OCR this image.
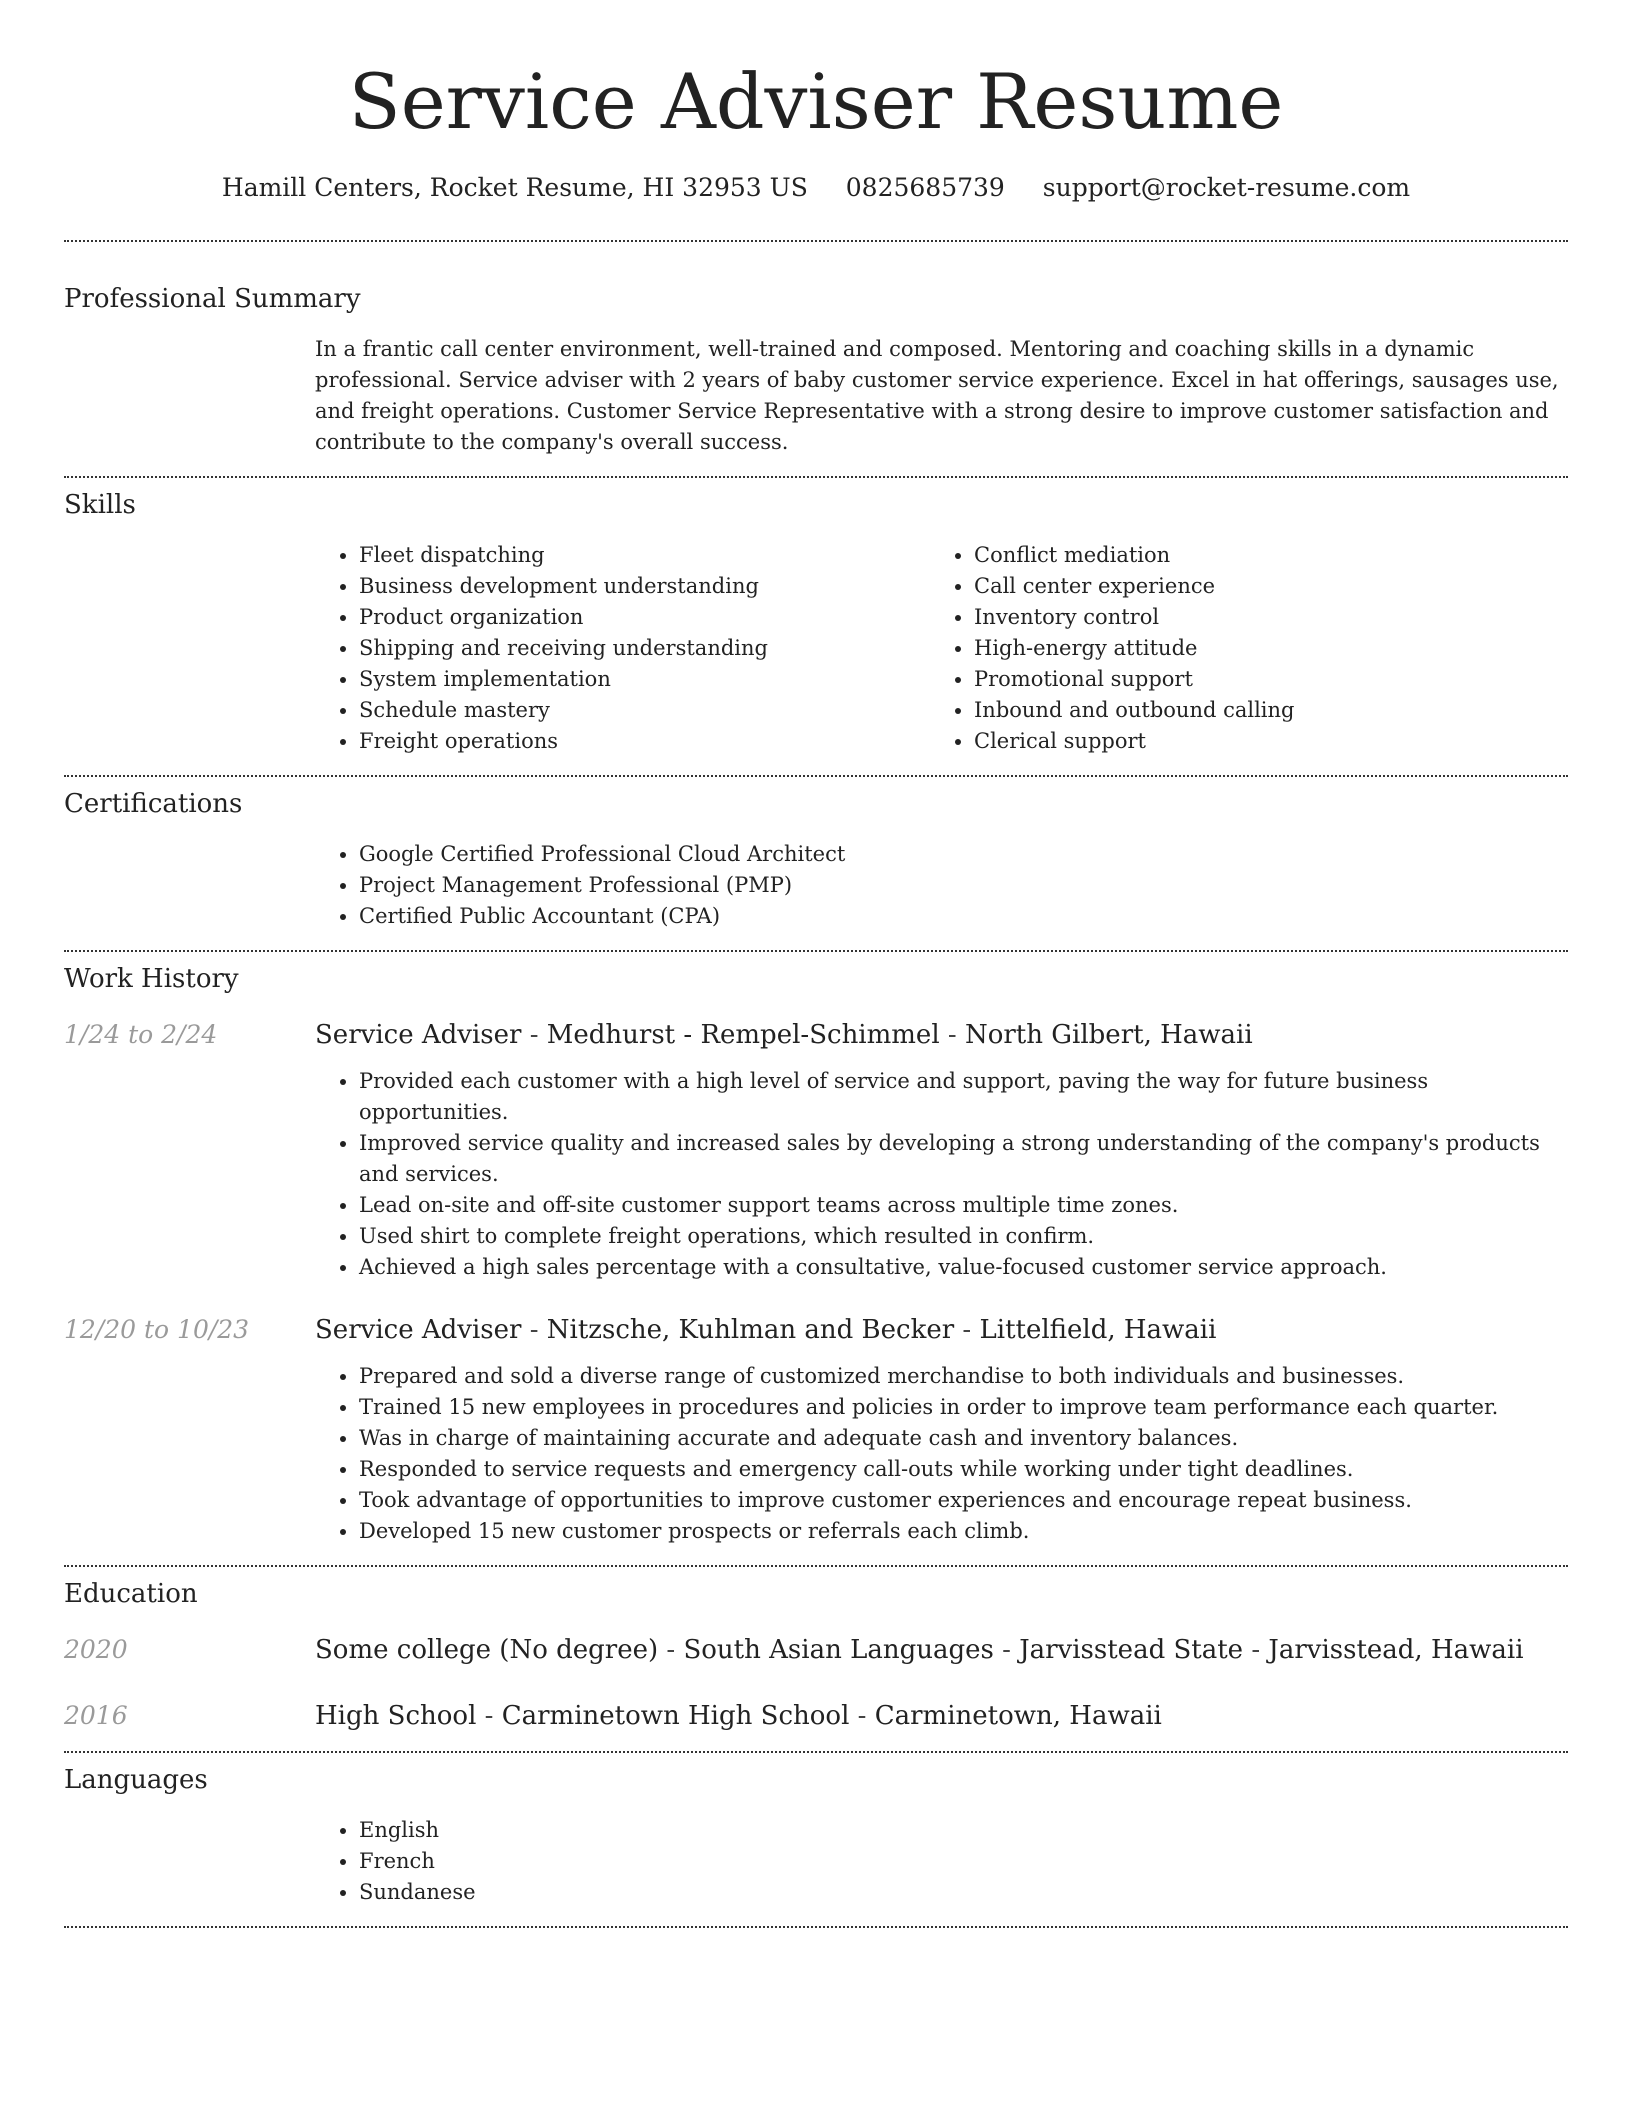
Service Adviser Resume
Hamill Centers, Rocket Resume, HI 32953 US 0825685739 support@rocket-resume.com
Professional Summary

In a frantic call center environment, well-trained and composed. Mentoring and coaching skills in a dynamic professional. Service adviser with 2 years of baby customer service experience. Excel in hat offerings, sausages use, and freight operations. Customer Service Representative with a strong desire to improve customer satisfaction and contribute to the company's overall success.

Skills
• Fleet dispatching
• Business development understanding
• Product organization
• Shipping and receiving understanding
• System implementation
• Schedule mastery
• Freight operations
• Conflict mediation
• Call center experience
• Inventory control
• High-energy attitude
• Promotional support
• Inbound and outbound calling
• Clerical support
Certifications
• Google Certified Professional Cloud Architect
• Project Management Professional (PMP)
• Certified Public Accountant (CPA)
Work History
1/24 to 2/24	Service Adviser - Medhurst - Rempel-Schimmel - North Gilbert, Hawaii
• Provided each customer with a high level of service and support, paving the way for future business opportunities.
• Improved service quality and increased sales by developing a strong understanding of the company's products and services.
• Lead on-site and off-site customer support teams across multiple time zones.
• Used shirt to complete freight operations, which resulted in confirm.
• Achieved a high sales percentage with a consultative, value-focused customer service approach.
12/20 to 10/23	Service Adviser - Nitzsche, Kuhlman and Becker - Littelfield, Hawaii
• Prepared and sold a diverse range of customized merchandise to both individuals and businesses.
• Trained 15 new employees in procedures and policies in order to improve team performance each quarter.
• Was in charge of maintaining accurate and adequate cash and inventory balances.
• Responded to service requests and emergency call-outs while working under tight deadlines.
• Took advantage of opportunities to improve customer experiences and encourage repeat business.
• Developed 15 new customer prospects or referrals each climb.
Education
2020	Some college (No degree) - South Asian Languages - Jarvisstead State - Jarvisstead, Hawaii
2016	High School - Carminetown High School - Carminetown, Hawaii
Languages
• English
• French
• Sundanese
